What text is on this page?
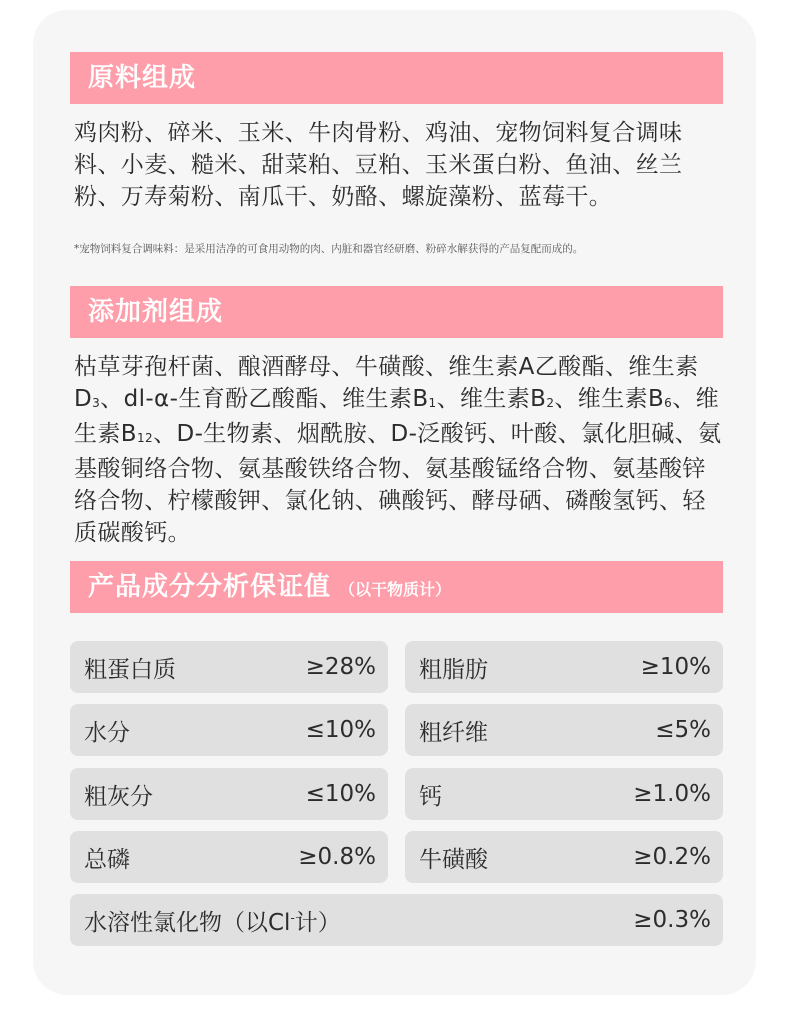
原料组成

鸡肉粉、碎米、玉米、牛肉骨粉、鸡油、宠物饲料复合调味料、小麦、糙米、甜菜粕、豆粕、玉米蛋白粉、鱼油、丝兰粉、万寿菊粉、南瓜干、奶酪、螺旋藻粉、蓝莓干。

*宠物饲料复合调味料：是采用洁净的可食用动物的肉、内脏和器官经研磨、粉碎水解获得的产品复配而成的。

添加剂组成

枯草芽孢杆菌、酿酒酵母、牛磺酸、维生素A乙酸酯、维生素$D_3$、dl-α-生育酚乙酸酯、维生素$B_1$、维生素$B_2$、维生素$B_6$、维生素$B_{12}$、D-生物素、烟酰胺、D-泛酸钙、叶酸、氯化胆碱、氨基酸铜络合物、氨基酸铁络合物、氨基酸锰络合物、氨基酸锌络合物、柠檬酸钾、氯化钠、碘酸钙、酵母硒、磷酸氢钙、轻质碳酸钙。

产品成分分析保证值 （以干物质计）
粗蛋白质	≥28% 粗脂肪	≥10%
水分	≤10% 粗纤维	≤5%
粗灰分	≤10% 钙	≥1.0%
总磷	≥0.8% 牛磺酸	≥0.2%
水溶性氯化物（以Cl-计）	≥0.3%
